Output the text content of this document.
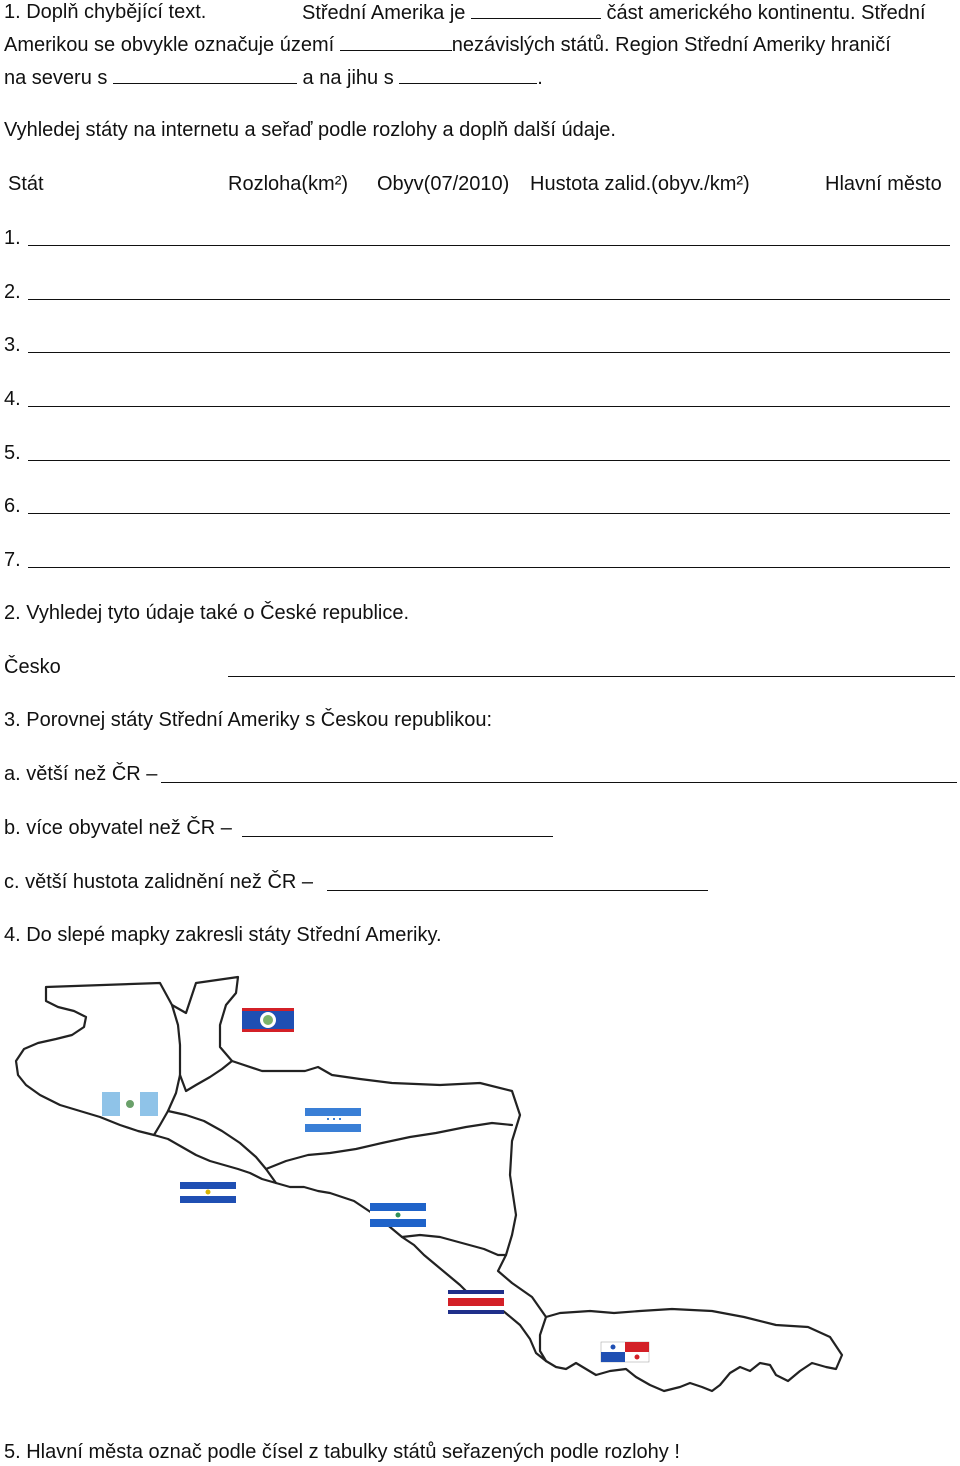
1. Doplň chybějící text.	Střední Amerika je	část amerického kontinentu. Střední
Amerikou se obvykle označuje území	nezávislých států. Region Střední Ameriky hraničí
na severu s	a na jihu s	.
Vyhledej státy na internetu a seřaď podle rozlohy a doplň další údaje.
Stát	Rozloha(km²) Obyv(07/2010) Hustota zalid.(obyv./km²)	Hlavní město
1.
2.
3.
4.
5.
6.
7.
2. Vyhledej tyto údaje také o České republice.
Česko
3. Porovnej státy Střední Ameriky s Českou republikou:
a. větší než ČR –
b. více obyvatel než ČR –
c. větší hustota zalidnění než ČR –
4. Do slepé mapky zakresli státy Střední Ameriky.
5. Hlavní města označ podle čísel z tabulky států seřazených podle rozlohy !
